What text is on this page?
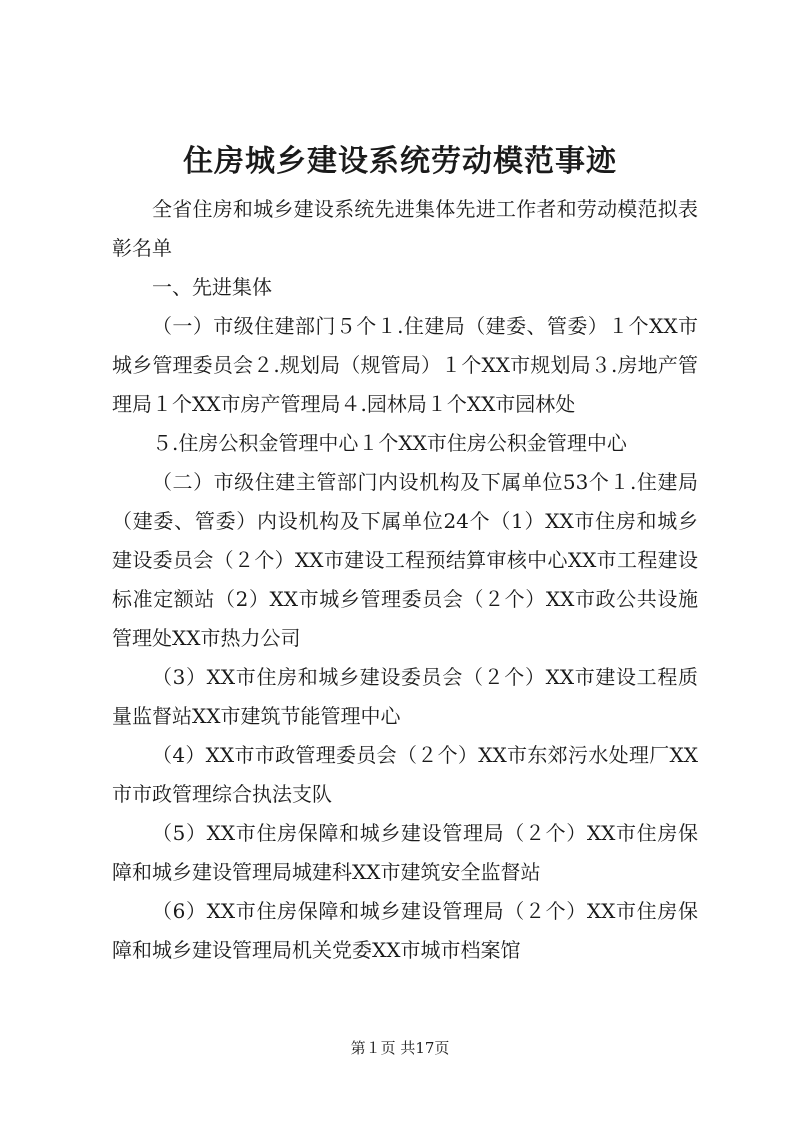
住房城乡建设系统劳动模范事迹

全省住房和城乡建设系统先进集体先进工作者和劳动模范拟表彰名单

一、先进集体

（一）市级住建部门５个１.住建局（建委、管委）１个XX市城乡管理委员会２.规划局（规管局）１个XX市规划局３.房地产管理局１个XX市房产管理局４.园林局１个XX市园林处

５.住房公积金管理中心１个XX市住房公积金管理中心

（二）市级住建主管部门内设机构及下属单位53个１.住建局（建委、管委）内设机构及下属单位24个（1）XX市住房和城乡建设委员会（２个）XX市建设工程预结算审核中心XX市工程建设标准定额站（2）XX市城乡管理委员会（２个）XX市政公共设施管理处XX市热力公司

（3）XX市住房和城乡建设委员会（２个）XX市建设工程质量监督站XX市建筑节能管理中心

（4）XX市市政管理委员会（２个）XX市东郊污水处理厂XX市市政管理综合执法支队

（5）XX市住房保障和城乡建设管理局（２个）XX市住房保障和城乡建设管理局城建科XX市建筑安全监督站

（6）XX市住房保障和城乡建设管理局（２个）XX市住房保障和城乡建设管理局机关党委XX市城市档案馆

第１页 共17页
